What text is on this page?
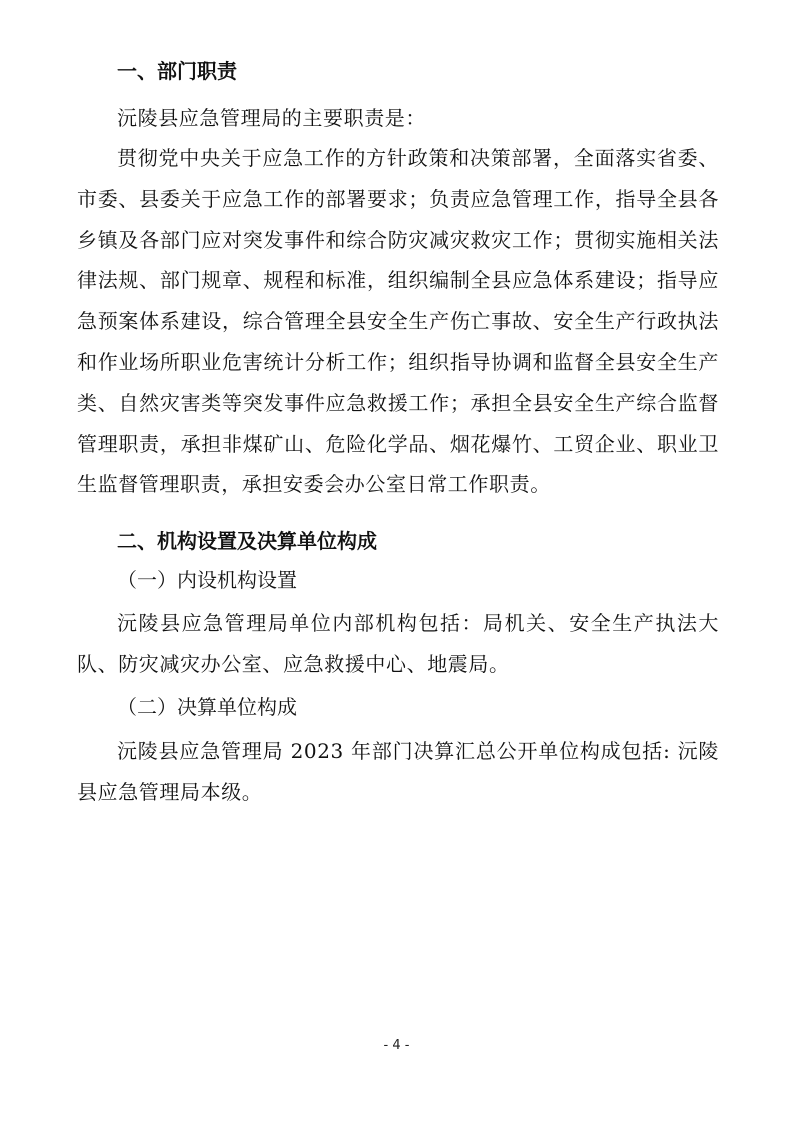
一、部门职责
沅陵县应急管理局的主要职责是：
贯彻党中央关于应急工作的方针政策和决策部署，全面落实省委、市委、县委关于应急工作的部署要求；负责应急管理工作，指导全县各乡镇及各部门应对突发事件和综合防灾减灾救灾工作；贯彻实施相关法律法规、部门规章、规程和标准，组织编制全县应急体系建设；指导应急预案体系建设，综合管理全县安全生产伤亡事故、安全生产行政执法和作业场所职业危害统计分析工作；组织指导协调和监督全县安全生产类、自然灾害类等突发事件应急救援工作；承担全县安全生产综合监督管理职责，承担非煤矿山、危险化学品、烟花爆竹、工贸企业、职业卫生监督管理职责，承担安委会办公室日常工作职责。
二、机构设置及决算单位构成
（一）内设机构设置
沅陵县应急管理局单位内部机构包括：局机关、安全生产执法大队、防灾减灾办公室、应急救援中心、地震局。
（二）决算单位构成
沅陵县应急管理局 2023 年部门决算汇总公开单位构成包括: 沅陵县应急管理局本级。
- 4 -
